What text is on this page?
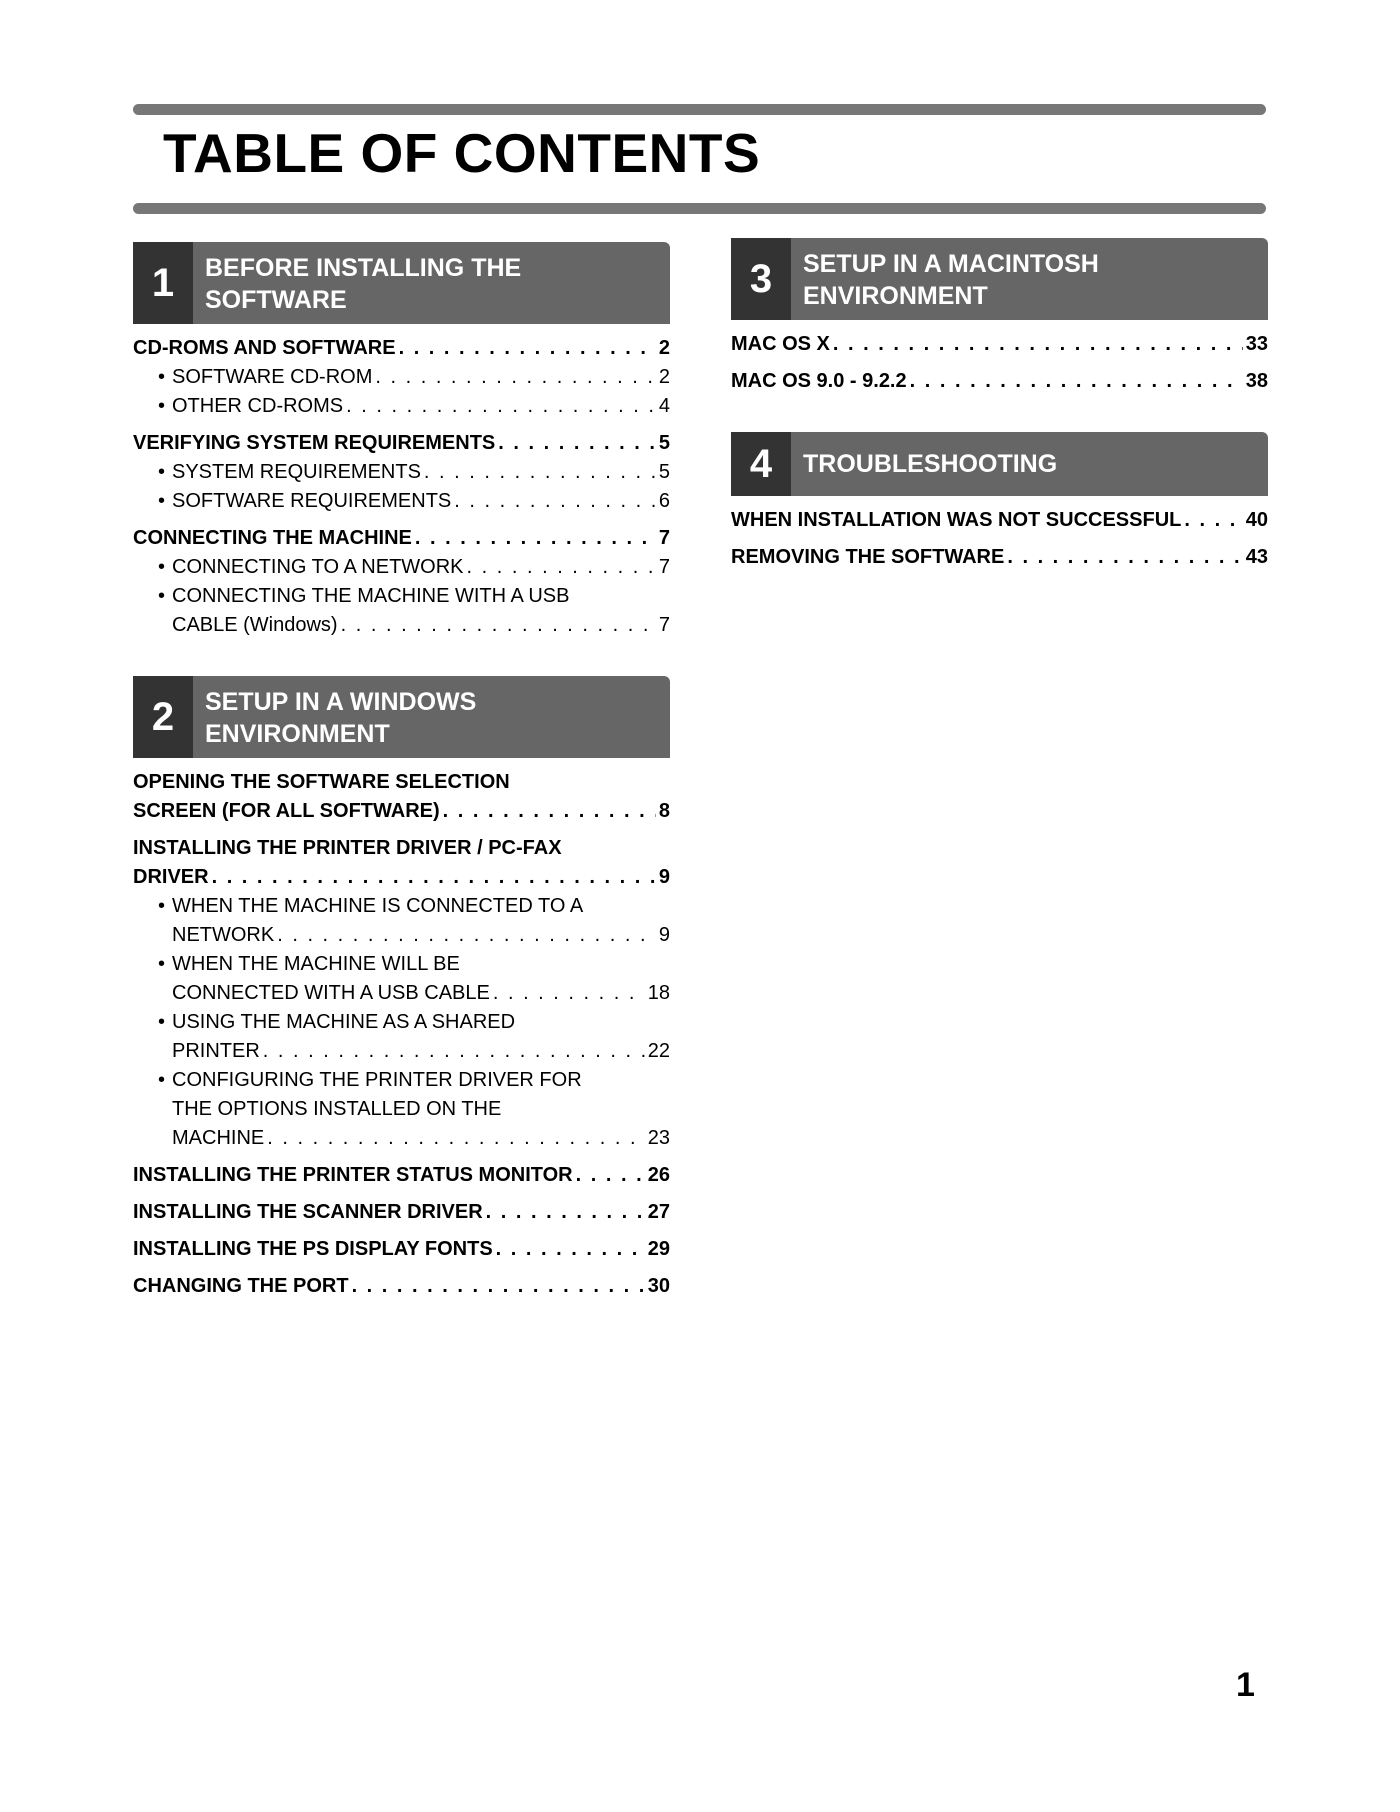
TABLE OF CONTENTS
1	BEFORE INSTALLING THE
SOFTWARE
CD-ROMS AND SOFTWARE . . .	2
• SOFTWARE CD-ROM . . .	2
• OTHER CD-ROMS . . .	4
VERIFYING SYSTEM REQUIREMENTS . . .	5
• SYSTEM REQUIREMENTS . . .	5
• SOFTWARE REQUIREMENTS . . .	6
CONNECTING THE MACHINE . . .	7
• CONNECTING TO A NETWORK . . .	7
• CONNECTING THE MACHINE WITH A USB
CABLE (Windows) . . .	7
2	SETUP IN A WINDOWS
ENVIRONMENT
OPENING THE SOFTWARE SELECTION
SCREEN (FOR ALL SOFTWARE) . . .	8
INSTALLING THE PRINTER DRIVER / PC-FAX
DRIVER . . .	9
• WHEN THE MACHINE IS CONNECTED TO A
NETWORK . . .	9
• WHEN THE MACHINE WILL BE
CONNECTED WITH A USB CABLE . . .	18
• USING THE MACHINE AS A SHARED
PRINTER . . .	22
• CONFIGURING THE PRINTER DRIVER FOR
THE OPTIONS INSTALLED ON THE
MACHINE . . .	23
INSTALLING THE PRINTER STATUS MONITOR . . .	26
INSTALLING THE SCANNER DRIVER . . .	27
INSTALLING THE PS DISPLAY FONTS . . .	29
CHANGING THE PORT . . .	30
3	SETUP IN A MACINTOSH
ENVIRONMENT
MAC OS X . . .	33
MAC OS 9.0 - 9.2.2 . . .	38
4	TROUBLESHOOTING
WHEN INSTALLATION WAS NOT SUCCESSFUL . . .	40
REMOVING THE SOFTWARE . . .	43
1
